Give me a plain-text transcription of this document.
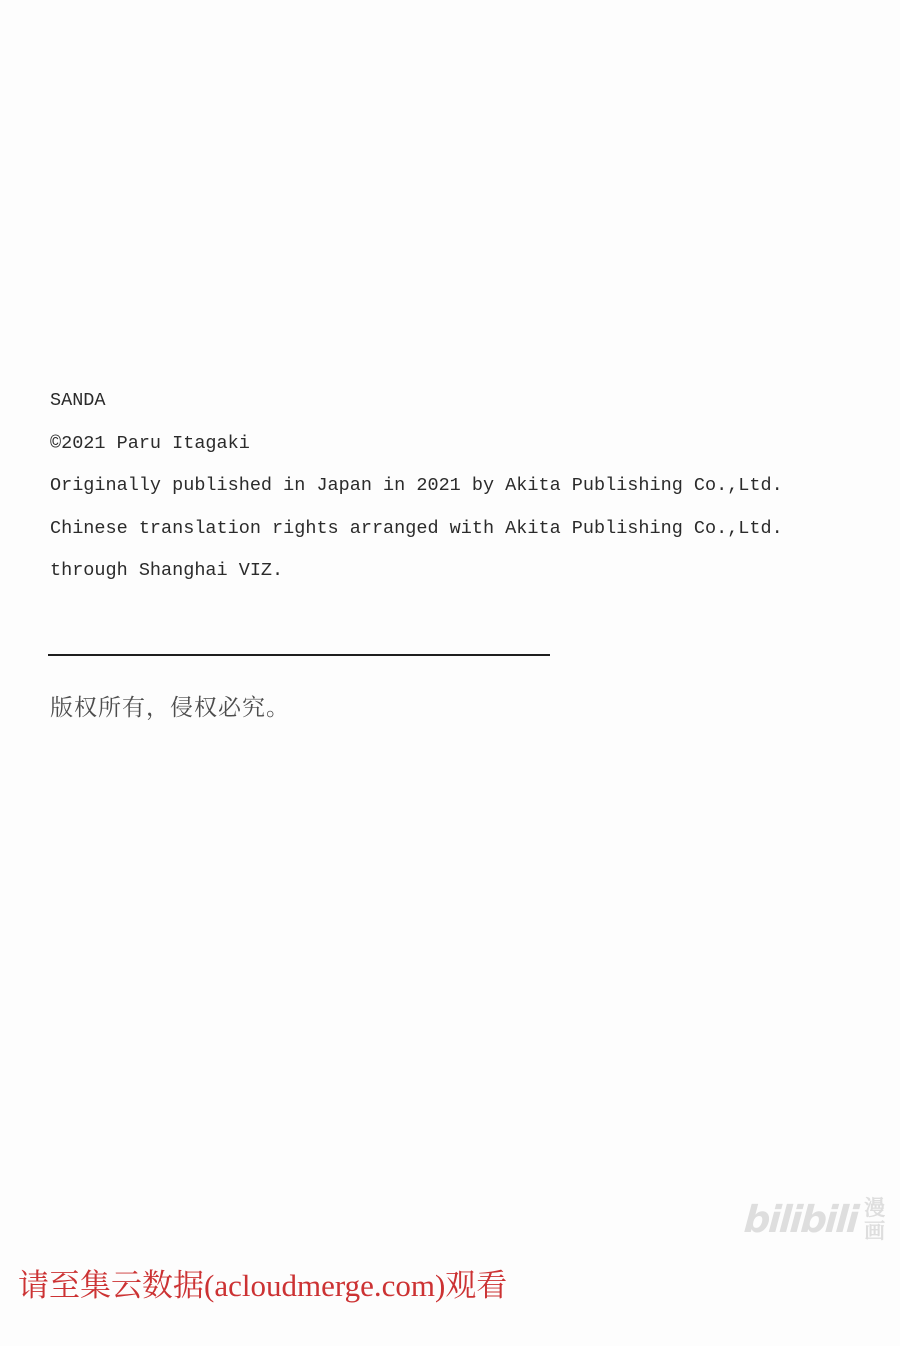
SANDA

©2021 Paru Itagaki

Originally published in Japan in 2021 by Akita Publishing Co.,Ltd.

Chinese translation rights arranged with Akita Publishing Co.,Ltd.

through Shanghai VIZ.

版权所有，侵权必究。

bilibili 漫
画

请至集云数据(acloudmerge.com)观看
